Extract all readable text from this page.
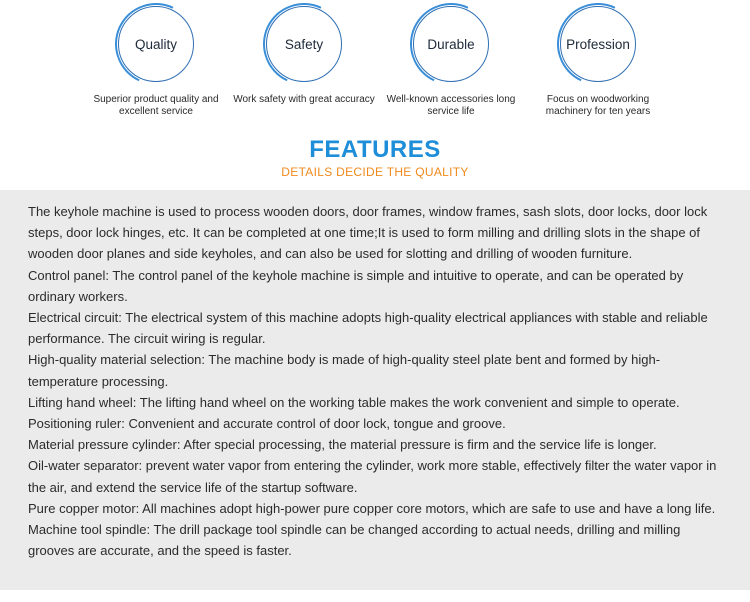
Quality

Superior product quality and excellent service

Safety

Work safety with great accuracy

Durable

Well-known accessories long service life

Profession

Focus on woodworking machinery for ten years

FEATURES
DETAILS DECIDE THE QUALITY
The keyhole machine is used to process wooden doors, door frames, window frames, sash slots, door locks, door lock steps, door lock hinges, etc. It can be completed at one time;It is used to form milling and drilling slots in the shape of wooden door planes and side keyholes, and can also be used for slotting and drilling of wooden furniture.
Control panel: The control panel of the keyhole machine is simple and intuitive to operate, and can be operated by ordinary workers.
Electrical circuit: The electrical system of this machine adopts high-quality electrical appliances with stable and reliable performance. The circuit wiring is regular.
High-quality material selection: The machine body is made of high-quality steel plate bent and formed by high-temperature processing.
Lifting hand wheel: The lifting hand wheel on the working table makes the work convenient and simple to operate.
Positioning ruler: Convenient and accurate control of door lock, tongue and groove.
Material pressure cylinder: After special processing, the material pressure is firm and the service life is longer.
Oil-water separator: prevent water vapor from entering the cylinder, work more stable, effectively filter the water vapor in the air, and extend the service life of the startup software.
Pure copper motor: All machines adopt high-power pure copper core motors, which are safe to use and have a long life.
Machine tool spindle: The drill package tool spindle can be changed according to actual needs, drilling and milling grooves are accurate, and the speed is faster.
